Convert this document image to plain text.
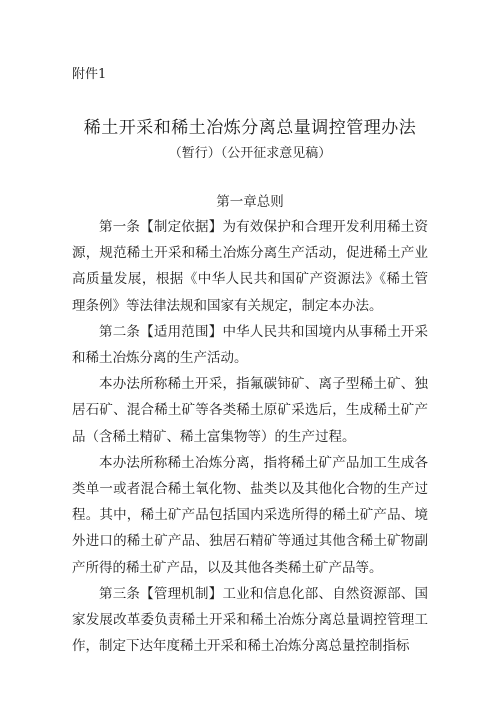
附件1
稀土开采和稀土冶炼分离总量调控管理办法
（暂行）（公开征求意见稿）
第一章总则

第一条【制定依据】为有效保护和合理开发利用稀土资源，规范稀土开采和稀土冶炼分离生产活动，促进稀土产业高质量发展，根据《中华人民共和国矿产资源法》《稀土管理条例》等法律法规和国家有关规定，制定本办法。

第二条【适用范围】中华人民共和国境内从事稀土开采和稀土冶炼分离的生产活动。

本办法所称稀土开采，指氟碳铈矿、离子型稀土矿、独居石矿、混合稀土矿等各类稀土原矿采选后，生成稀土矿产品（含稀土精矿、稀土富集物等）的生产过程。

本办法所称稀土冶炼分离，指将稀土矿产品加工生成各类单一或者混合稀土氧化物、盐类以及其他化合物的生产过程。其中，稀土矿产品包括国内采选所得的稀土矿产品、境外进口的稀土矿产品、独居石精矿等通过其他含稀土矿物副产所得的稀土矿产品，以及其他各类稀土矿产品等。

第三条【管理机制】工业和信息化部、自然资源部、国家发展改革委负责稀土开采和稀土冶炼分离总量调控管理工作，制定下达年度稀土开采和稀土冶炼分离总量控制指标
